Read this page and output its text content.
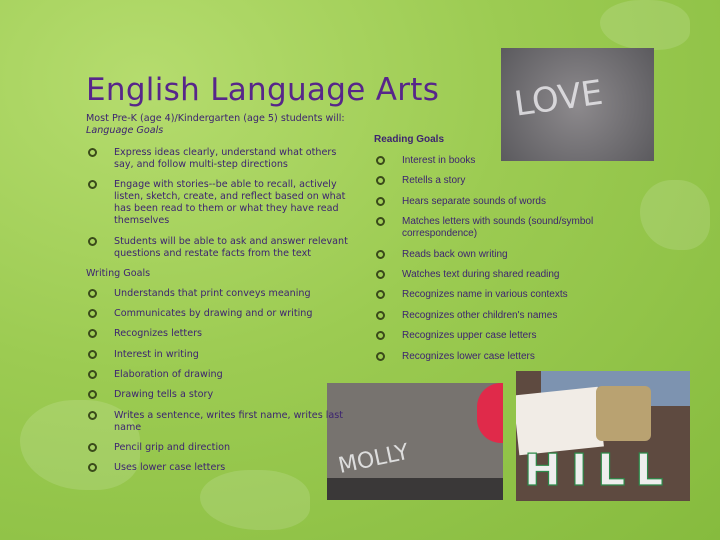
English Language Arts LOVE
MOLLY	HILL
Most Pre-K (age 4)/Kindergarten (age 5) students will:
Language Goals
Express ideas clearly, understand what others say, and follow multi-step directions
Engage with stories--be able to recall, actively listen, sketch, create, and reflect based on what has been read to them or what they have read themselves
Students will be able to ask and answer relevant questions and restate facts from the text
Writing Goals
Understands that print conveys meaning
Communicates by drawing and or writing
Recognizes letters
Interest in writing
Elaboration of drawing
Drawing tells a story
Writes a sentence, writes first name, writes last name
Pencil grip and direction
Uses lower case letters
Reading Goals
Interest in books
Retells a story
Hears separate sounds of words
Matches letters with sounds (sound/symbol correspondence)
Reads back own writing
Watches text during shared reading
Recognizes name in various contexts
Recognizes other children's names
Recognizes upper case letters
Recognizes lower case letters
